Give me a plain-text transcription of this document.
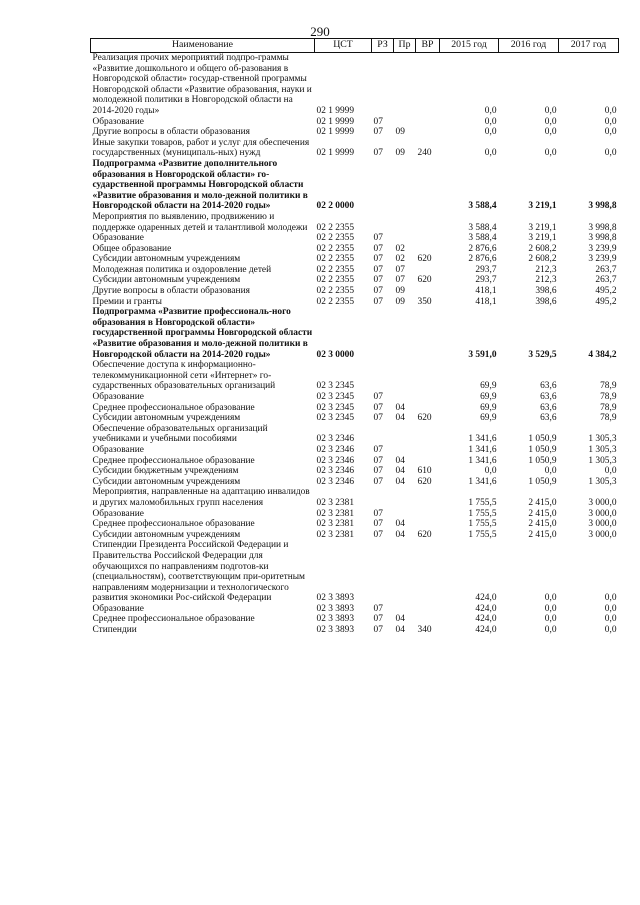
290
Наименование	ЦСТ	РЗ	Пр	ВР	2015 год	2016 год	2017 год
Реализация прочих мероприятий подпро-граммы «Развитие дошкольного и общего об-разования в Новгородской области» государ-ственной программы Новгородской области «Развитие образования, науки и молодежной политики в Новгородской области на 2014-2020 годы»	02 1 9999				0,0	0,0	0,0
Образование	02 1 9999	07			0,0	0,0	0,0
Другие вопросы в области образования	02 1 9999	07	09		0,0	0,0	0,0
Иные закупки товаров, работ и услуг для обеспечения государственных (муниципаль-ных) нужд	02 1 9999	07	09	240	0,0	0,0	0,0
Подпрограмма «Развитие дополнительного образования в Новгородской области» го-сударственной программы Новгородской области «Развитие образования и моло-дежной политики в Новгородской области на 2014-2020 годы»	02 2 0000				3 588,4	3 219,1	3 998,8
Мероприятия по выявлению, продвижению и поддержке одаренных детей и талантливой молодежи	02 2 2355				3 588,4	3 219,1	3 998,8
Образование	02 2 2355	07			3 588,4	3 219,1	3 998,8
Общее образование	02 2 2355	07	02		2 876,6	2 608,2	3 239,9
Субсидии автономным учреждениям	02 2 2355	07	02	620	2 876,6	2 608,2	3 239,9
Молодежная политика и оздоровление детей	02 2 2355	07	07		293,7	212,3	263,7
Субсидии автономным учреждениям	02 2 2355	07	07	620	293,7	212,3	263,7
Другие вопросы в области образования	02 2 2355	07	09		418,1	398,6	495,2
Премии и гранты	02 2 2355	07	09	350	418,1	398,6	495,2
Подпрограмма «Развитие профессиональ-ного образования в Новгородской области» государственной программы Новгородской области «Развитие образования и моло-дежной политики в Новгородской области на 2014-2020 годы»	02 3 0000				3 591,0	3 529,5	4 384,2
Обеспечение доступа к информационно-телекоммуникационной сети «Интернет» го-сударственных образовательных организаций	02 3 2345				69,9	63,6	78,9
Образование	02 3 2345	07			69,9	63,6	78,9
Среднее профессиональное образование	02 3 2345	07	04		69,9	63,6	78,9
Субсидии автономным учреждениям	02 3 2345	07	04	620	69,9	63,6	78,9
Обеспечение образовательных организаций учебниками и учебными пособиями	02 3 2346				1 341,6	1 050,9	1 305,3
Образование	02 3 2346	07			1 341,6	1 050,9	1 305,3
Среднее профессиональное образование	02 3 2346	07	04		1 341,6	1 050,9	1 305,3
Субсидии бюджетным учреждениям	02 3 2346	07	04	610	0,0	0,0	0,0
Субсидии автономным учреждениям	02 3 2346	07	04	620	1 341,6	1 050,9	1 305,3
Мероприятия, направленные на адаптацию инвалидов и других маломобильных групп населения	02 3 2381				1 755,5	2 415,0	3 000,0
Образование	02 3 2381	07			1 755,5	2 415,0	3 000,0
Среднее профессиональное образование	02 3 2381	07	04		1 755,5	2 415,0	3 000,0
Субсидии автономным учреждениям	02 3 2381	07	04	620	1 755,5	2 415,0	3 000,0
Стипендии Президента Российской Федерации и Правительства Российской Федерации для обучающихся по направлениям подготов-ки (специальностям), соответствующим при-оритетным направлениям модернизации и технологического развития экономики Рос-сийской Федерации	02 3 3893				424,0	0,0	0,0
Образование	02 3 3893	07			424,0	0,0	0,0
Среднее профессиональное образование	02 3 3893	07	04		424,0	0,0	0,0
Стипендии	02 3 3893	07	04	340	424,0	0,0	0,0
